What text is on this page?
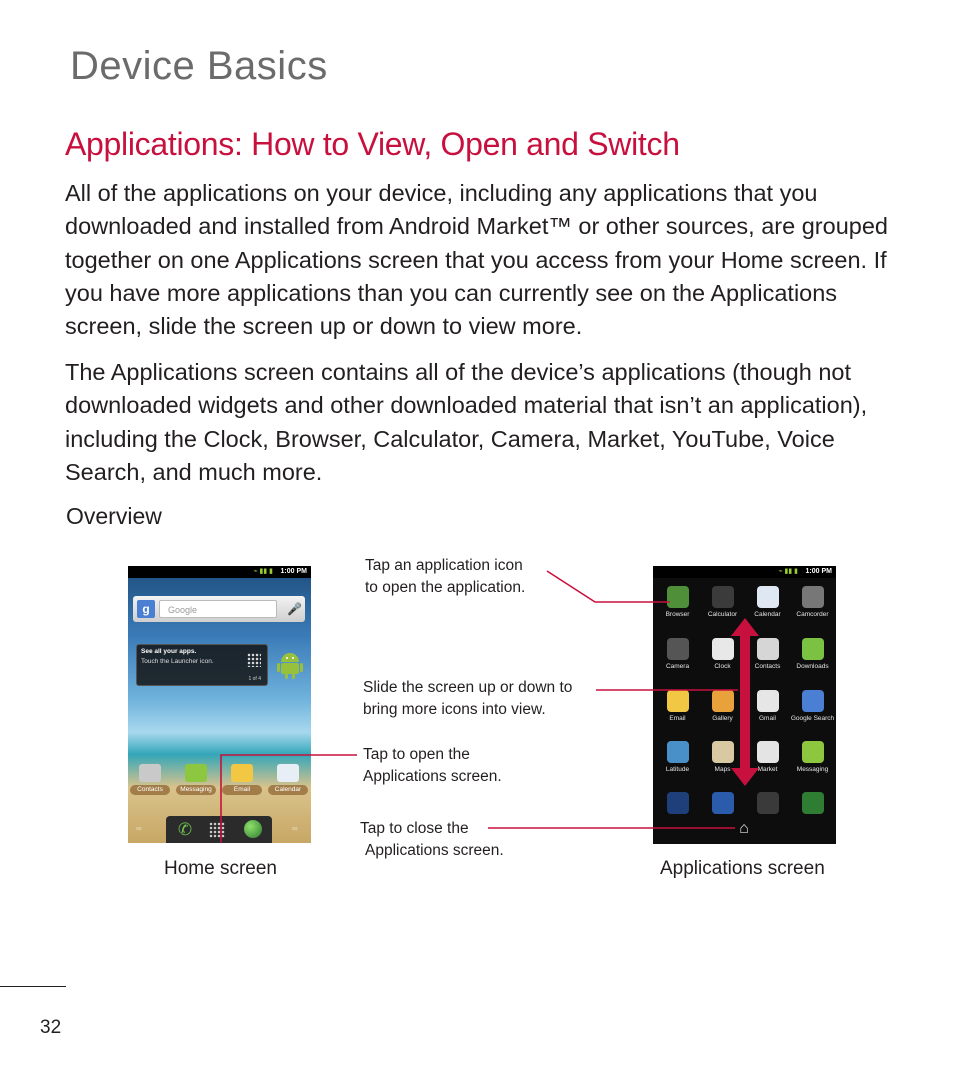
Device Basics
Applications: How to View, Open and Switch

All of the applications on your device, including any applications that you downloaded and installed from Android Market™ or other sources, are grouped together on one Applications screen that you access from your Home screen. If you have more applications than you can currently see on the Applications screen, slide the screen up or down to view more.

The Applications screen contains all of the device’s applications (though not downloaded widgets and other downloaded material that isn’t an application), including the Clock, Browser, Calculator, Camera, Market, YouTube, Voice Search, and much more.

Overview
⌁ ▮▮ ▮ 1:00 PM
g	Google	🎤
See all your apps.
Touch the Launcher icon.
1 of 4
Contacts	Messaging	Email	Calendar
∞	∞
✆
⌁ ▮▮ ▮ 1:00 PM
Browser	Calculator	Calendar	Camcorder
Camera	Clock	Contacts	Downloads
Email	Gallery	Gmail	Google Search
Latitude	Maps	Market	Messaging
⌂

Tap an application icon

to open the application.

Slide the screen up or down to

bring more icons into view.

Tap to open the

Applications screen.

Tap to close the

Applications screen.

Home screen	Applications screen

32
